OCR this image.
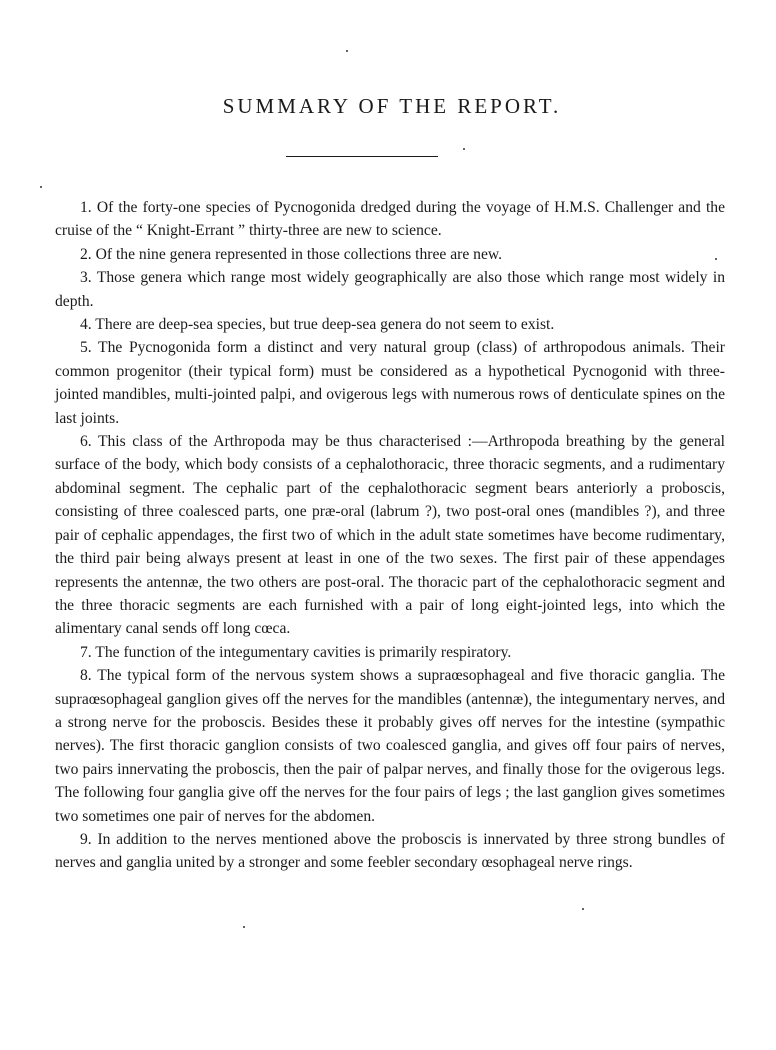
SUMMARY OF THE REPORT.

1. Of the forty-one species of Pycnogonida dredged during the voyage of H.M.S. Challenger and the cruise of the “ Knight-Errant ” thirty-three are new to science.

2. Of the nine genera represented in those collections three are new.

3. Those genera which range most widely geographically are also those which range most widely in depth.

4. There are deep-sea species, but true deep-sea genera do not seem to exist.

5. The Pycnogonida form a distinct and very natural group (class) of arthropodous animals. Their common progenitor (their typical form) must be considered as a hypothetical Pycnogonid with three-jointed mandibles, multi-jointed palpi, and ovigerous legs with numerous rows of denticulate spines on the last joints.

6. This class of the Arthropoda may be thus characterised :—Arthropoda breathing by the general surface of the body, which body consists of a cephalothoracic, three thoracic segments, and a rudimentary abdominal segment. The cephalic part of the cephalothoracic segment bears anteriorly a proboscis, consisting of three coalesced parts, one præ-oral (labrum ?), two post-oral ones (mandibles ?), and three pair of cephalic appendages, the first two of which in the adult state sometimes have become rudimentary, the third pair being always present at least in one of the two sexes. The first pair of these appendages represents the antennæ, the two others are post-oral. The thoracic part of the cephalothoracic segment and the three thoracic segments are each furnished with a pair of long eight-jointed legs, into which the alimentary canal sends off long cœca.

7. The function of the integumentary cavities is primarily respiratory.

8. The typical form of the nervous system shows a supraœsophageal and five thoracic ganglia. The supraœsophageal ganglion gives off the nerves for the mandibles (antennæ), the integumentary nerves, and a strong nerve for the proboscis. Besides these it probably gives off nerves for the intestine (sympathic nerves). The first thoracic ganglion consists of two coalesced ganglia, and gives off four pairs of nerves, two pairs innervating the proboscis, then the pair of palpar nerves, and finally those for the ovigerous legs. The following four ganglia give off the nerves for the four pairs of legs ; the last ganglion gives sometimes two sometimes one pair of nerves for the abdomen.

9. In addition to the nerves mentioned above the proboscis is innervated by three strong bundles of nerves and ganglia united by a stronger and some feebler secondary œsophageal nerve rings.
